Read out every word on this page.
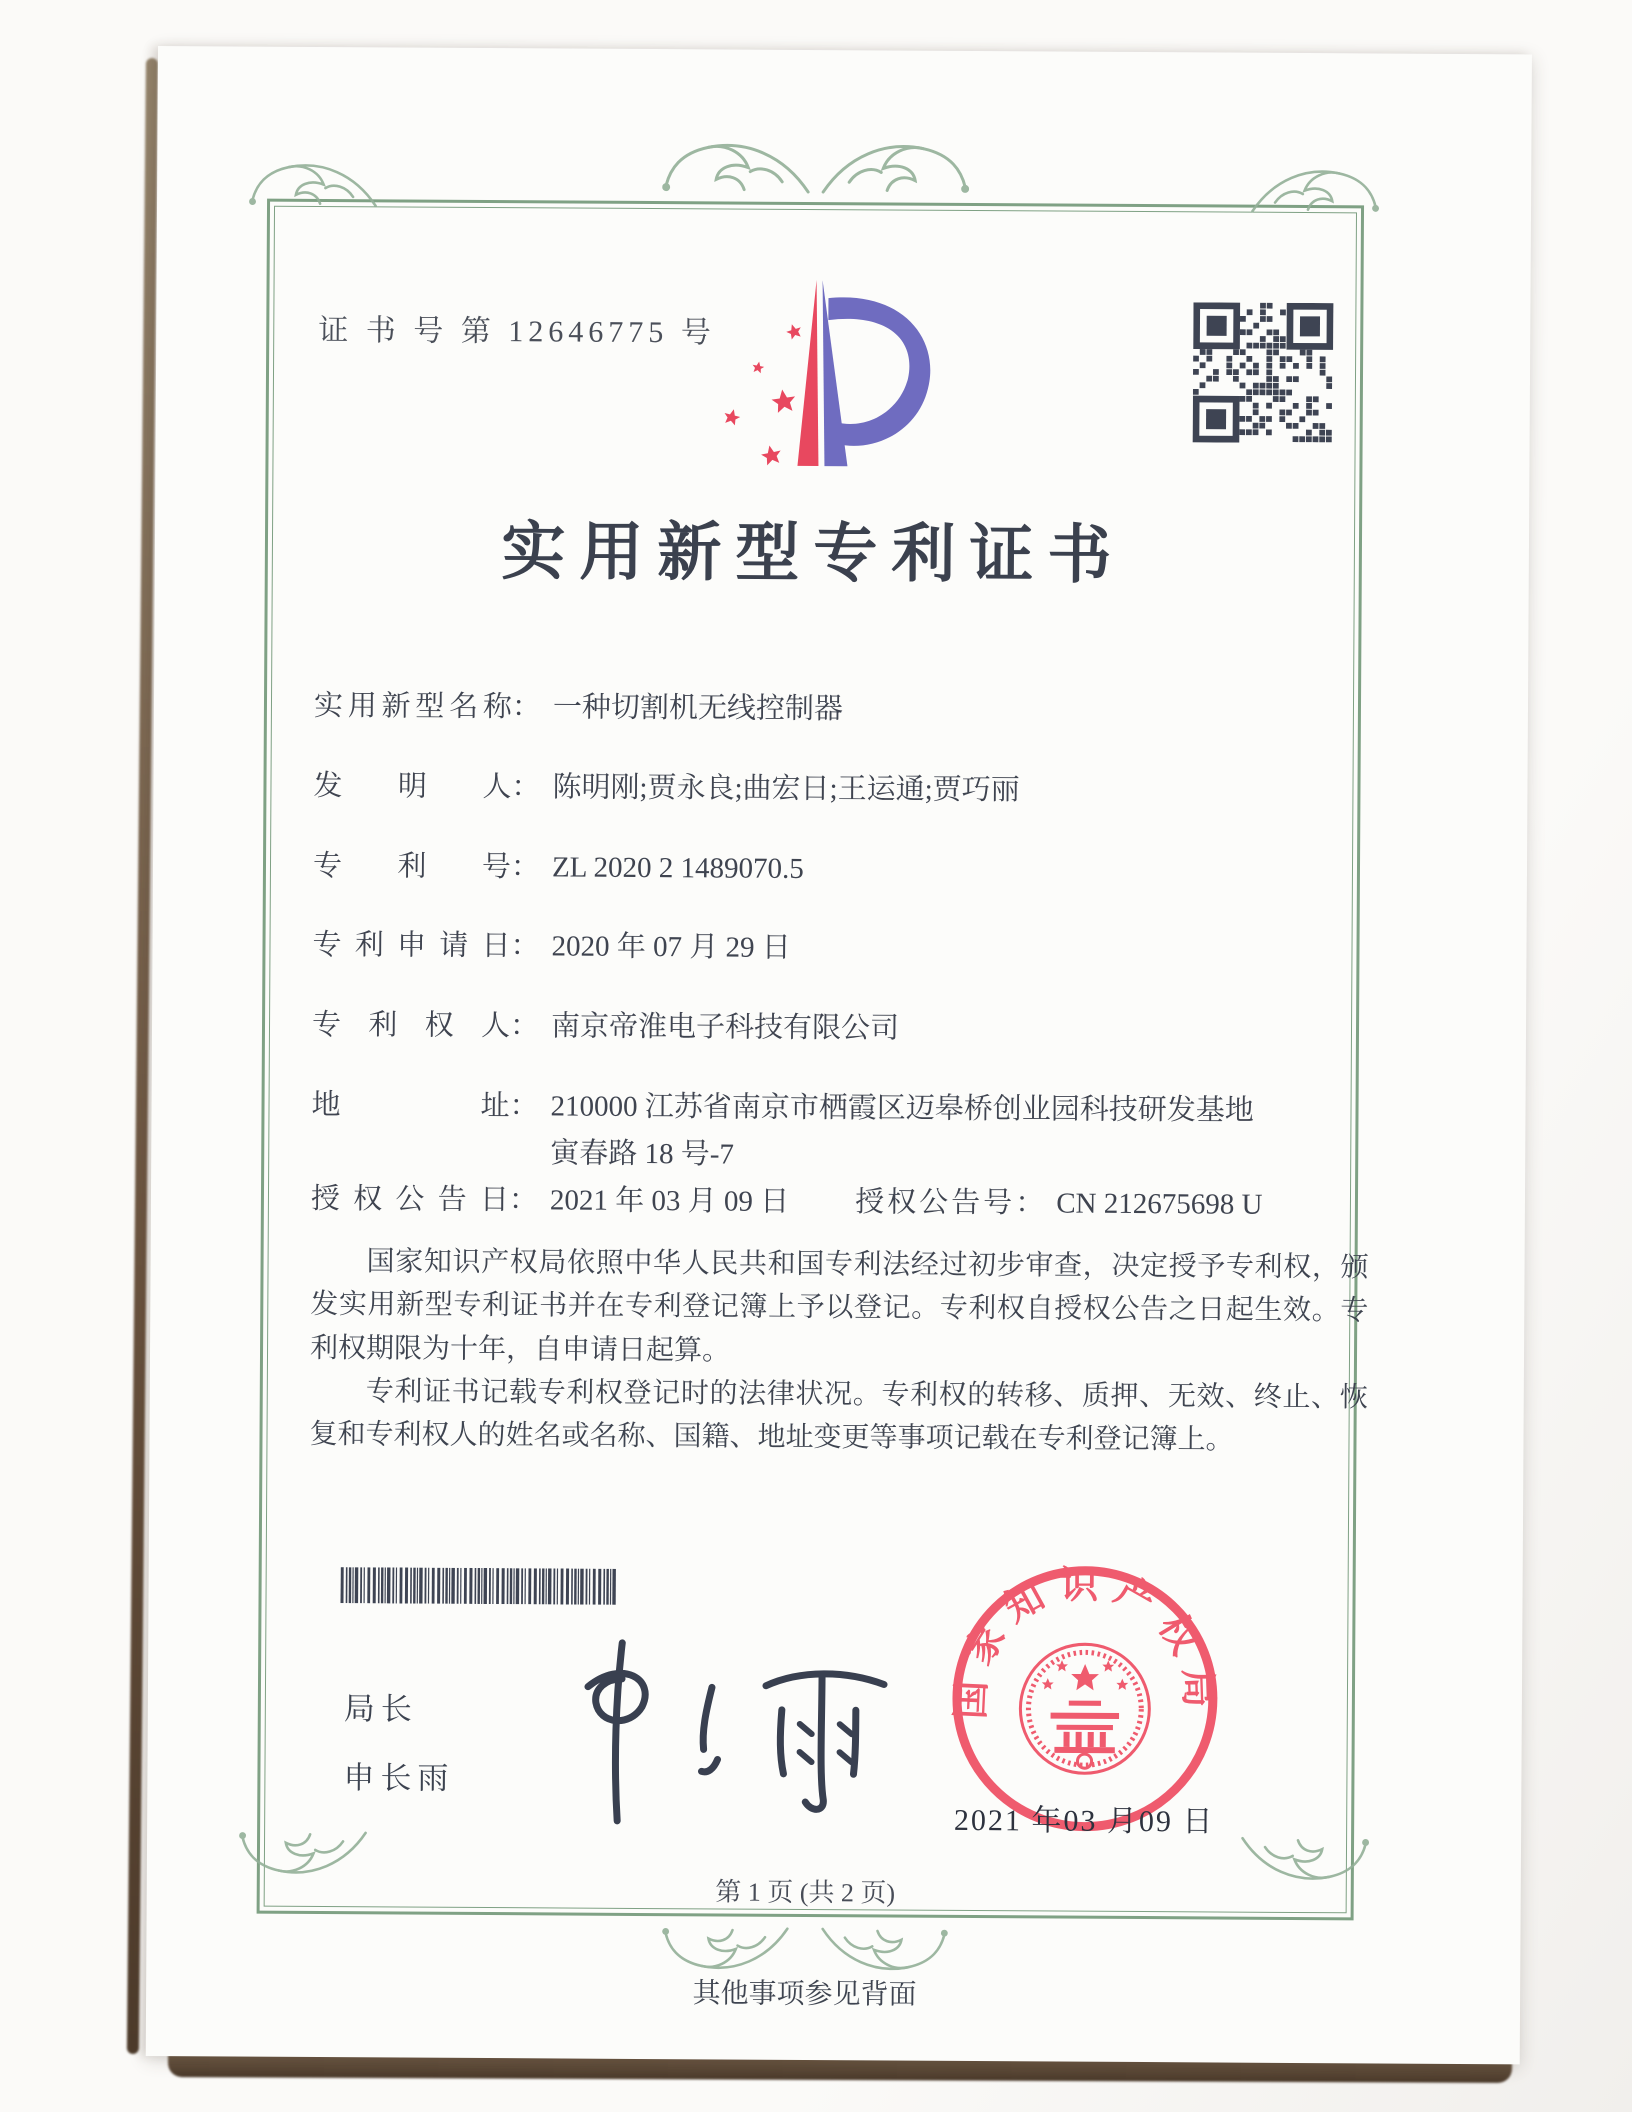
证 书 号 第 12646775 号
实用新型专利证书
实用新型名称 ： 一种切割机无线控制器
发明人 ： 陈明刚;贾永良;曲宏日;王运通;贾巧丽
专利号 ： ZL 2020 2 1489070.5
专利申请日 ： 2020 年 07 月 29 日
专利权人 ： 南京帝淮电子科技有限公司
地址 ： 210000 江苏省南京市栖霞区迈皋桥创业园科技研发基地
寅春路 18 号-7
授权公告日 ： 2021 年 03 月 09 日 授权公告号 ： CN 212675698 U

国家知识产权局依照中华人民共和国专利法经过初步审查，决定授予专利权，颁发实用新型专利证书并在专利登记簿上予以登记。专利权自授权公告之日起生效。专利权期限为十年，自申请日起算。

专利证书记载专利权登记时的法律状况。专利权的转移、质押、无效、终止、恢复和专利权人的姓名或名称、国籍、地址变更等事项记载在专利登记簿上。

局长
申长雨
国家知识产权局
2021 年03 月09 日
第 1 页 (共 2 页)
其他事项参见背面
